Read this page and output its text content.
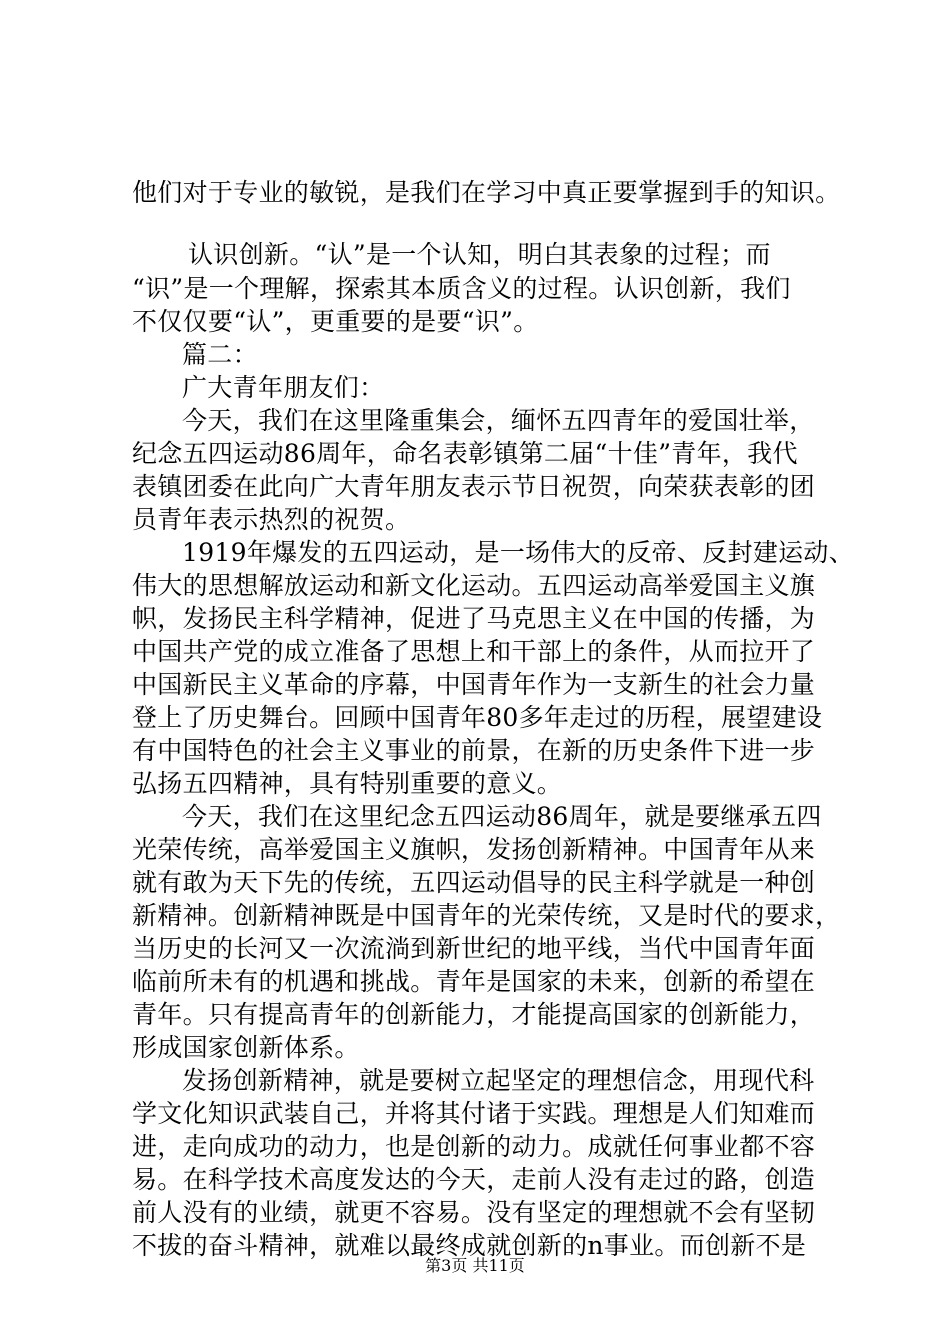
他们对于专业的敏锐，是我们在学习中真正要掌握到手的知识。
认识创新。“认”是一个认知，明白其表象的过程；而
“识”是一个理解，探索其本质含义的过程。认识创新，我们
不仅仅要“认”，更重要的是要“识”。
篇二：
广大青年朋友们：
今天，我们在这里隆重集会，缅怀五四青年的爱国壮举，
纪念五四运动86周年，命名表彰镇第二届“十佳”青年，我代
表镇团委在此向广大青年朋友表示节日祝贺，向荣获表彰的团
员青年表示热烈的祝贺。
1919年爆发的五四运动，是一场伟大的反帝、反封建运动、
伟大的思想解放运动和新文化运动。五四运动高举爱国主义旗
帜，发扬民主科学精神，促进了马克思主义在中国的传播，为
中国共产党的成立准备了思想上和干部上的条件，从而拉开了
中国新民主义革命的序幕，中国青年作为一支新生的社会力量
登上了历史舞台。回顾中国青年80多年走过的历程，展望建设
有中国特色的社会主义事业的前景，在新的历史条件下进一步
弘扬五四精神，具有特别重要的意义。
今天，我们在这里纪念五四运动86周年，就是要继承五四
光荣传统，高举爱国主义旗帜，发扬创新精神。中国青年从来
就有敢为天下先的传统，五四运动倡导的民主科学就是一种创
新精神。创新精神既是中国青年的光荣传统，又是时代的要求，
当历史的长河又一次流淌到新世纪的地平线，当代中国青年面
临前所未有的机遇和挑战。青年是国家的未来，创新的希望在
青年。只有提高青年的创新能力，才能提高国家的创新能力，
形成国家创新体系。
发扬创新精神，就是要树立起坚定的理想信念，用现代科
学文化知识武装自己，并将其付诸于实践。理想是人们知难而
进，走向成功的动力，也是创新的动力。成就任何事业都不容
易。在科学技术高度发达的今天，走前人没有走过的路，创造
前人没有的业绩，就更不容易。没有坚定的理想就不会有坚韧
不拔的奋斗精神，就难以最终成就创新的n事业。而创新不是
第3页 共11页
